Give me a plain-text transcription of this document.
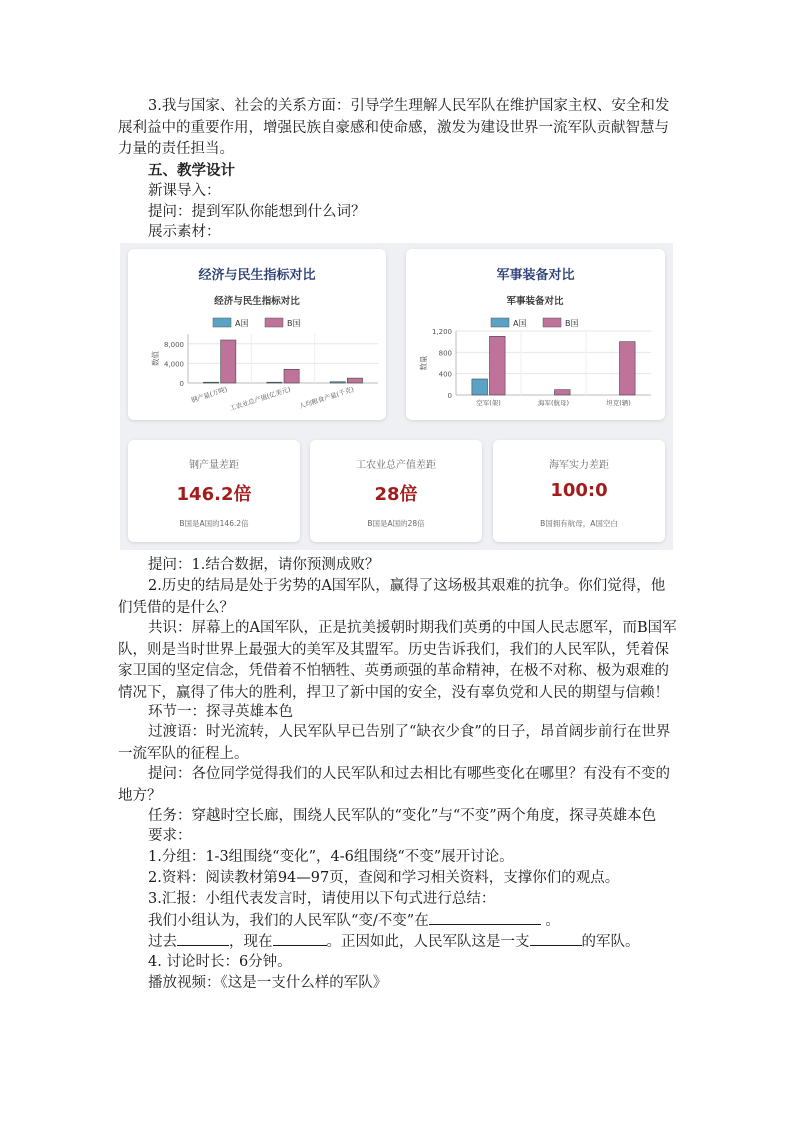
3.我与国家、社会的关系方面：引导学生理解人民军队在维护国家主权、安全和发展利益中的重要作用，增强民族自豪感和使命感，激发为建设世界一流军队贡献智慧与力量的责任担当。

五、教学设计
新课导入：
提问：提到军队你能想到什么词？
展示素材：
经济与民生指标对比
经济与民生指标对比
A国	B国
0
4,000
8,000
数值
钢产量(万吨) 工农业总产值(亿美元) 人均粮食产量(千克)
军事装备对比
军事装备对比
A国	B国
0
400
800
1,200
数量
空军(架)	海军(航母)	坦克(辆)
钢产量差距
146.2倍
B国是A国的146.2倍
工农业总产值差距
28倍
B国是A国的28倍
海军实力差距
100:0
B国拥有航母，A国空白
提问：1.结合数据，请你预测成败？

2.历史的结局是处于劣势的A国军队，赢得了这场极其艰难的抗争。你们觉得，他们凭借的是什么？

共识：屏幕上的A国军队，正是抗美援朝时期我们英勇的中国人民志愿军，而B国军队，则是当时世界上最强大的美军及其盟军。历史告诉我们，我们的人民军队，凭着保家卫国的坚定信念，凭借着不怕牺牲、英勇顽强的革命精神，在极不对称、极为艰难的情况下，赢得了伟大的胜利，捍卫了新中国的安全，没有辜负党和人民的期望与信赖！

环节一：探寻英雄本色

过渡语：时光流转，人民军队早已告别了“缺衣少食”的日子，昂首阔步前行在世界一流军队的征程上。

提问：各位同学觉得我们的人民军队和过去相比有哪些变化在哪里？有没有不变的地方？

任务：穿越时空长廊，围绕人民军队的“变化”与“不变”两个角度，探寻英雄本色
要求：
1.分组：1-3组围绕“变化”，4-6组围绕“不变”展开讨论。
2.资料：阅读教材第94—97页，查阅和学习相关资料，支撑你们的观点。
3.汇报：小组代表发言时，请使用以下句式进行总结：
我们小组认为，我们的人民军队“变/不变”在	。
过去	，现在	。正因如此，人民军队这是一支	的军队。
4. 讨论时长：6分钟。
播放视频：《这是一支什么样的军队》
